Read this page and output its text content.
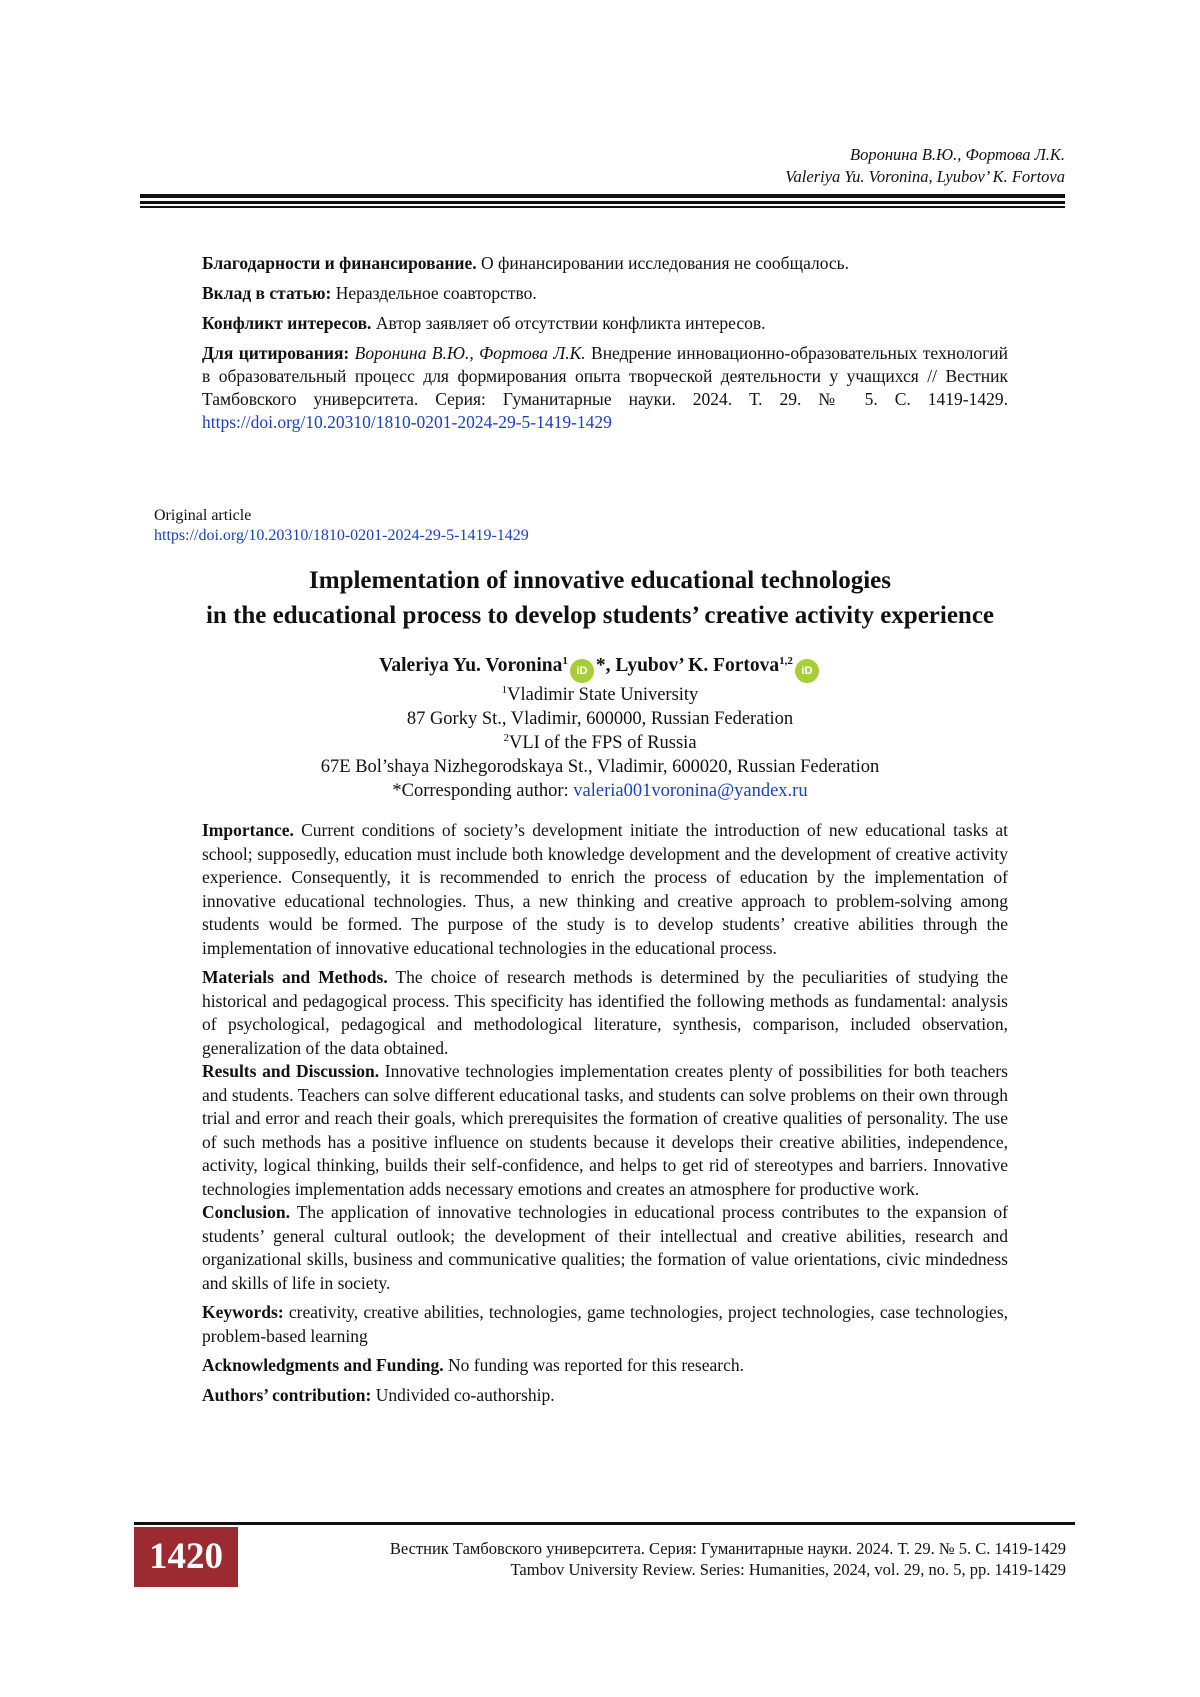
Воронина В.Ю., Фортова Л.К.
Valeriya Yu. Voronina, Lyubov’ K. Fortova

Благодарности и финансирование. О финансировании исследования не сообщалось.

Вклад в статью: Нераздельное соавторство.

Конфликт интересов. Автор заявляет об отсутствии конфликта интересов.

Для цитирования: Воронина В.Ю., Фортова Л.К. Внедрение инновационно-образовательных технологий в образовательный процесс для формирования опыта творческой деятельности у учащихся // Вестник Тамбовского университета. Серия: Гуманитарные науки. 2024. Т. 29. № 5. С. 1419-1429. https://doi.org/10.20310/1810-0201-2024-29-5-1419-1429

Original article
https://doi.org/10.20310/1810-0201-2024-29-5-1419-1429
Implementation of innovative educational technologies
in the educational process to develop students’ creative activity experience
Valeriya Yu. Voronina$^1$iD *, Lyubov’ K. Fortova$^{1,2}$iD
$^1$Vladimir State University
87 Gorky St., Vladimir, 600000, Russian Federation
$^2$VLI of the FPS of Russia
67E Bol’shaya Nizhegorodskaya St., Vladimir, 600020, Russian Federation
*Corresponding author: valeria001voronina@yandex.ru

Importance. Current conditions of society’s development initiate the introduction of new educational tasks at school; supposedly, education must include both knowledge development and the development of creative activity experience. Consequently, it is recommended to enrich the process of education by the implementation of innovative educational technologies. Thus, a new thinking and creative approach to problem-solving among students would be formed. The purpose of the study is to develop students’ creative abilities through the implementation of innovative educational technologies in the educational process.

Materials and Methods. The choice of research methods is determined by the peculiarities of studying the historical and pedagogical process. This specificity has identified the following methods as fundamental: analysis of psychological, pedagogical and methodological literature, synthesis, comparison, included observation, generalization of the data obtained.

Results and Discussion. Innovative technologies implementation creates plenty of possibilities for both teachers and students. Teachers can solve different educational tasks, and students can solve problems on their own through trial and error and reach their goals, which prerequisites the formation of creative qualities of personality. The use of such methods has a positive influence on students because it develops their creative abilities, independence, activity, logical thinking, builds their self-confidence, and helps to get rid of stereotypes and barriers. Innovative technologies implementation adds necessary emotions and creates an atmosphere for productive work.

Conclusion. The application of innovative technologies in educational process contributes to the expansion of students’ general cultural outlook; the development of their intellectual and creative abilities, research and organizational skills, business and communicative qualities; the formation of value orientations, civic mindedness and skills of life in society.

Keywords: creativity, creative abilities, technologies, game technologies, project technologies, case technologies, problem-based learning

Acknowledgments and Funding. No funding was reported for this research.

Authors’ contribution: Undivided co-authorship.

1420	Вестник Тамбовского университета. Серия: Гуманитарные науки. 2024. Т. 29. № 5. С. 1419-1429
Tambov University Review. Series: Humanities, 2024, vol. 29, no. 5, pp. 1419-1429
